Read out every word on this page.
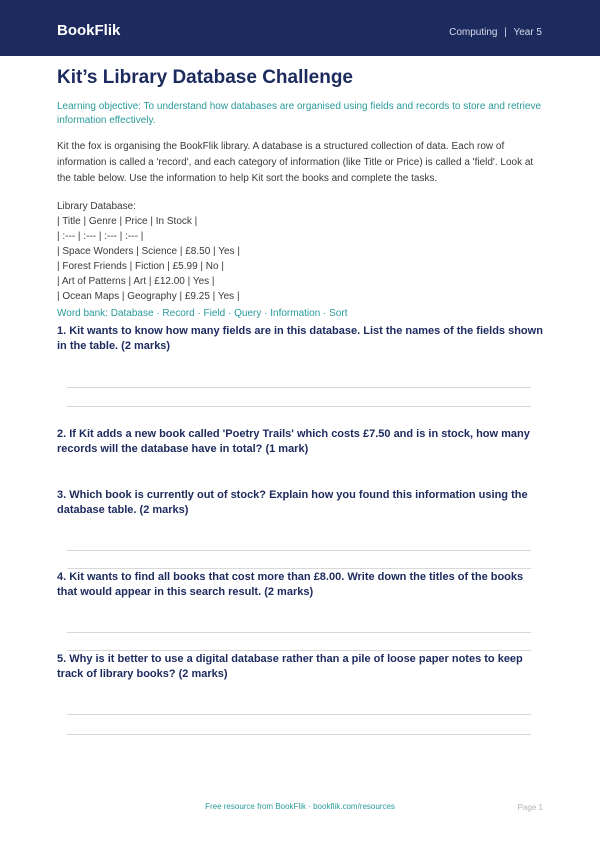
BookFlik	Computing | Year 5
Kit’s Library Database Challenge
Learning objective: To understand how databases are organised using fields and records to store and retrieve information effectively.
Kit the fox is organising the BookFlik library. A database is a structured collection of data. Each row of information is called a 'record', and each category of information (like Title or Price) is called a 'field'. Look at the table below. Use the information to help Kit sort the books and complete the tasks.
Library Database:
| Title | Genre | Price | In Stock |
| :--- | :--- | :--- | :--- |
| Space Wonders | Science | £8.50 | Yes |
| Forest Friends | Fiction | £5.99 | No |
| Art of Patterns | Art | £12.00 | Yes |
| Ocean Maps | Geography | £9.25 | Yes |
Word bank: Database · Record · Field · Query · Information · Sort
1. Kit wants to know how many fields are in this database. List the names of the fields shown in the table. (2 marks)
2. If Kit adds a new book called 'Poetry Trails' which costs £7.50 and is in stock, how many records will the database have in total? (1 mark)
3. Which book is currently out of stock? Explain how you found this information using the database table. (2 marks)
4. Kit wants to find all books that cost more than £8.00. Write down the titles of the books that would appear in this search result. (2 marks)
5. Why is it better to use a digital database rather than a pile of loose paper notes to keep track of library books? (2 marks)
Free resource from BookFlik · bookflik.com/resources	Page 1
